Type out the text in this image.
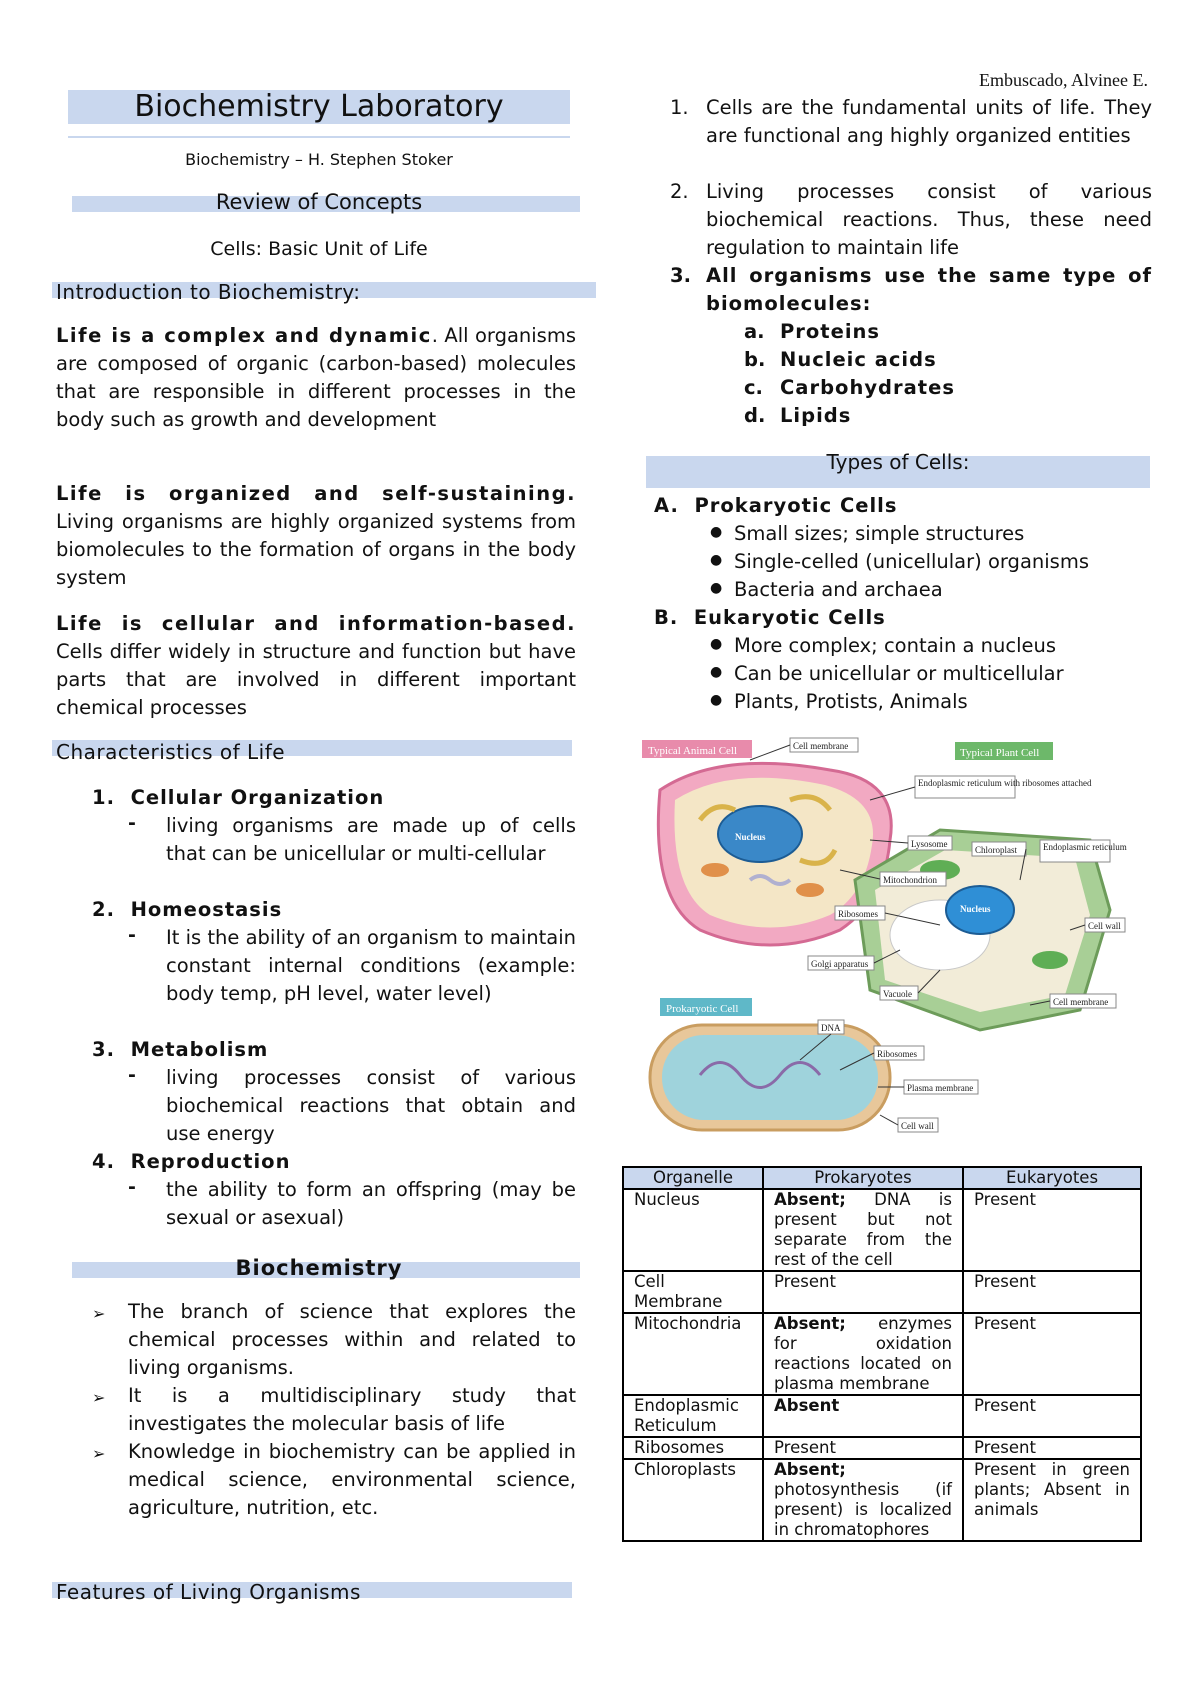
Embuscado, Alvinee E.
Biochemistry Laboratory
Biochemistry – H. Stephen Stoker
Review of Concepts
Cells: Basic Unit of Life
Introduction to Biochemistry:

Life is a complex and dynamic. All organisms are composed of organic (carbon-based) molecules that are responsible in different processes in the body such as growth and development

Life is organized and self-sustaining. Living organisms are highly organized systems from biomolecules to the formation of organs in the body system

Life is cellular and information-based. Cells differ widely in structure and function but have parts that are involved in different important chemical processes

Characteristics of Life
1. Cellular Organization
- living organisms are made up of cells that can be unicellular or multi-cellular
2. Homeostasis
- It is the ability of an organism to maintain constant internal conditions (example: body temp, pH level, water level)
3. Metabolism
- living processes consist of various biochemical reactions that obtain and use energy
4. Reproduction
- the ability to form an offspring (may be sexual or asexual)
Biochemistry
➢ The branch of science that explores the chemical processes within and related to living organisms.
➢ It is a multidisciplinary study that investigates the molecular basis of life
➢ Knowledge in biochemistry can be applied in medical science, environmental science, agriculture, nutrition, etc.
Features of Living Organisms
1. Cells are the fundamental units of life. They are functional ang highly organized entities
2. Living processes consist of various biochemical reactions. Thus, these need regulation to maintain life
3. All organisms use the same type of biomolecules:
a. Proteins
b. Nucleic acids
c. Carbohydrates
d. Lipids
Types of Cells:
A. Prokaryotic Cells
● Small sizes; simple structures
● Single-celled (unicellular) organisms
● Bacteria and archaea
B. Eukaryotic Cells
● More complex; contain a nucleus
● Can be unicellular or multicellular
● Plants, Protists, Animals
Typical Animal Cell	Typical Plant Cell
Prokaryotic Cell
Cell membrane
Endoplasmic reticulum with ribosomes attached
Nucleus
Lysosome
Mitochondrion
Ribosomes
Golgi apparatus
Chloroplast	Endoplasmic reticulum
Nucleus
Cell wall
Vacuole
Cell membrane
DNA
Ribosomes
Plasma membrane
Cell wall
Organelle	Prokaryotes	Eukaryotes
Nucleus	Absent; DNA is present but not separate from the rest of the cell	Present
Cell Membrane	Present	Present
Mitochondria	Absent; enzymes for oxidation reactions located on plasma membrane	Present
Endoplasmic Reticulum	Absent	Present
Ribosomes	Present	Present
Chloroplasts	Absent; photosynthesis (if present) is localized in chromatophores	Present in green plants; Absent in animals
